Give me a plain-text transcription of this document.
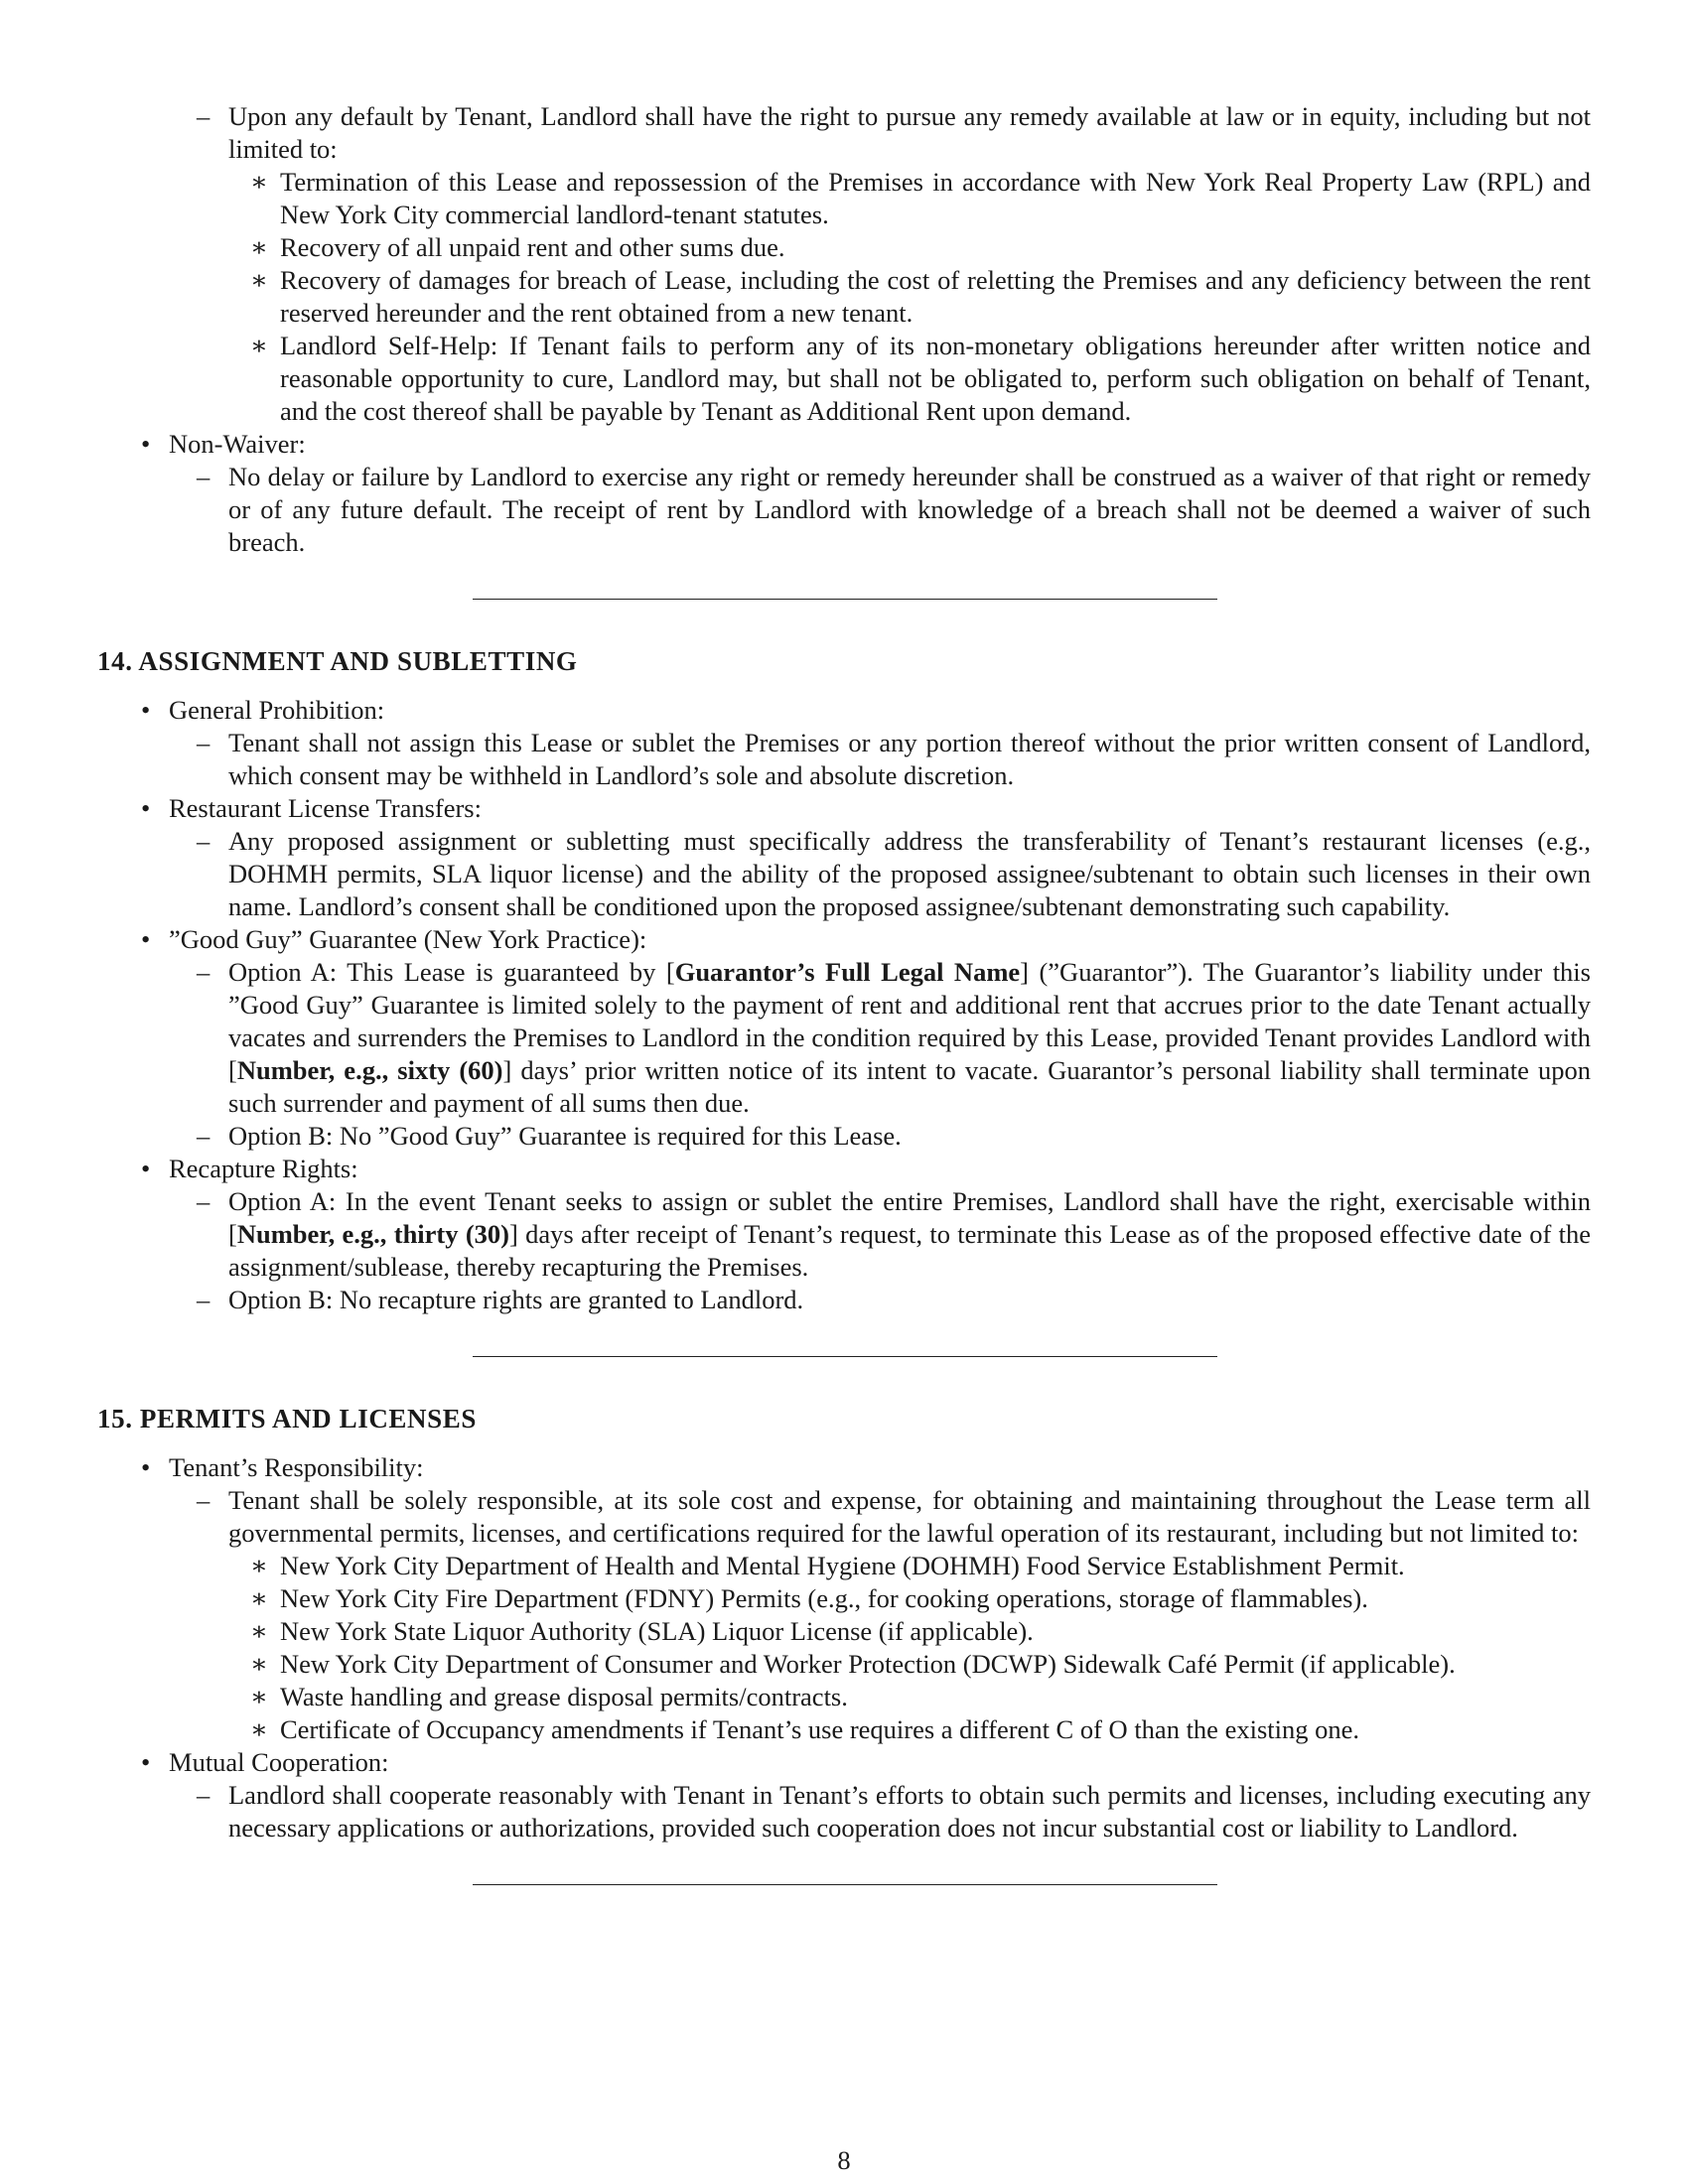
– Upon any default by Tenant, Landlord shall have the right to pursue any remedy available at law or in equity, including but not limited to:
∗ Termination of this Lease and repossession of the Premises in accordance with New York Real Property Law (RPL) and New York City commercial landlord-tenant statutes.
∗ Recovery of all unpaid rent and other sums due.
∗ Recovery of damages for breach of Lease, including the cost of reletting the Premises and any deficiency between the rent reserved hereunder and the rent obtained from a new tenant.
∗ Landlord Self-Help: If Tenant fails to perform any of its non-monetary obligations hereunder after written notice and reasonable opportunity to cure, Landlord may, but shall not be obligated to, perform such obligation on behalf of Tenant, and the cost thereof shall be payable by Tenant as Additional Rent upon demand.
• Non-Waiver:
– No delay or failure by Landlord to exercise any right or remedy hereunder shall be construed as a waiver of that right or remedy or of any future default. The receipt of rent by Landlord with knowledge of a breach shall not be deemed a waiver of such breach.
14. ASSIGNMENT AND SUBLETTING
• General Prohibition:
– Tenant shall not assign this Lease or sublet the Premises or any portion thereof without the prior written consent of Landlord, which consent may be withheld in Landlord’s sole and absolute discretion.
• Restaurant License Transfers:
– Any proposed assignment or subletting must specifically address the transferability of Tenant’s restaurant licenses (e.g., DOHMH permits, SLA liquor license) and the ability of the proposed assignee/subtenant to obtain such licenses in their own name. Landlord’s consent shall be conditioned upon the proposed assignee/subtenant demonstrating such capability.
• ”Good Guy” Guarantee (New York Practice):
– Option A: This Lease is guaranteed by [Guarantor’s Full Legal Name] (”Guarantor”). The Guarantor’s liability under this ”Good Guy” Guarantee is limited solely to the payment of rent and additional rent that accrues prior to the date Tenant actually vacates and surrenders the Premises to Landlord in the condition required by this Lease, provided Tenant provides Landlord with [Number, e.g., sixty (60)] days’ prior written notice of its intent to vacate. Guarantor’s personal liability shall terminate upon such surrender and payment of all sums then due.
– Option B: No ”Good Guy” Guarantee is required for this Lease.
• Recapture Rights:
– Option A: In the event Tenant seeks to assign or sublet the entire Premises, Landlord shall have the right, exercisable within [Number, e.g., thirty (30)] days after receipt of Tenant’s request, to terminate this Lease as of the proposed effective date of the assignment/sublease, thereby recapturing the Premises.
– Option B: No recapture rights are granted to Landlord.
15. PERMITS AND LICENSES
• Tenant’s Responsibility:
– Tenant shall be solely responsible, at its sole cost and expense, for obtaining and maintaining throughout the Lease term all governmental permits, licenses, and certifications required for the lawful operation of its restaurant, including but not limited to:
∗ New York City Department of Health and Mental Hygiene (DOHMH) Food Service Establishment Permit.
∗ New York City Fire Department (FDNY) Permits (e.g., for cooking operations, storage of flammables).
∗ New York State Liquor Authority (SLA) Liquor License (if applicable).
∗ New York City Department of Consumer and Worker Protection (DCWP) Sidewalk Café Permit (if applicable).
∗ Waste handling and grease disposal permits/contracts.
∗ Certificate of Occupancy amendments if Tenant’s use requires a different C of O than the existing one.
• Mutual Cooperation:
– Landlord shall cooperate reasonably with Tenant in Tenant’s efforts to obtain such permits and licenses, including executing any necessary applications or authorizations, provided such cooperation does not incur substantial cost or liability to Landlord.
8
